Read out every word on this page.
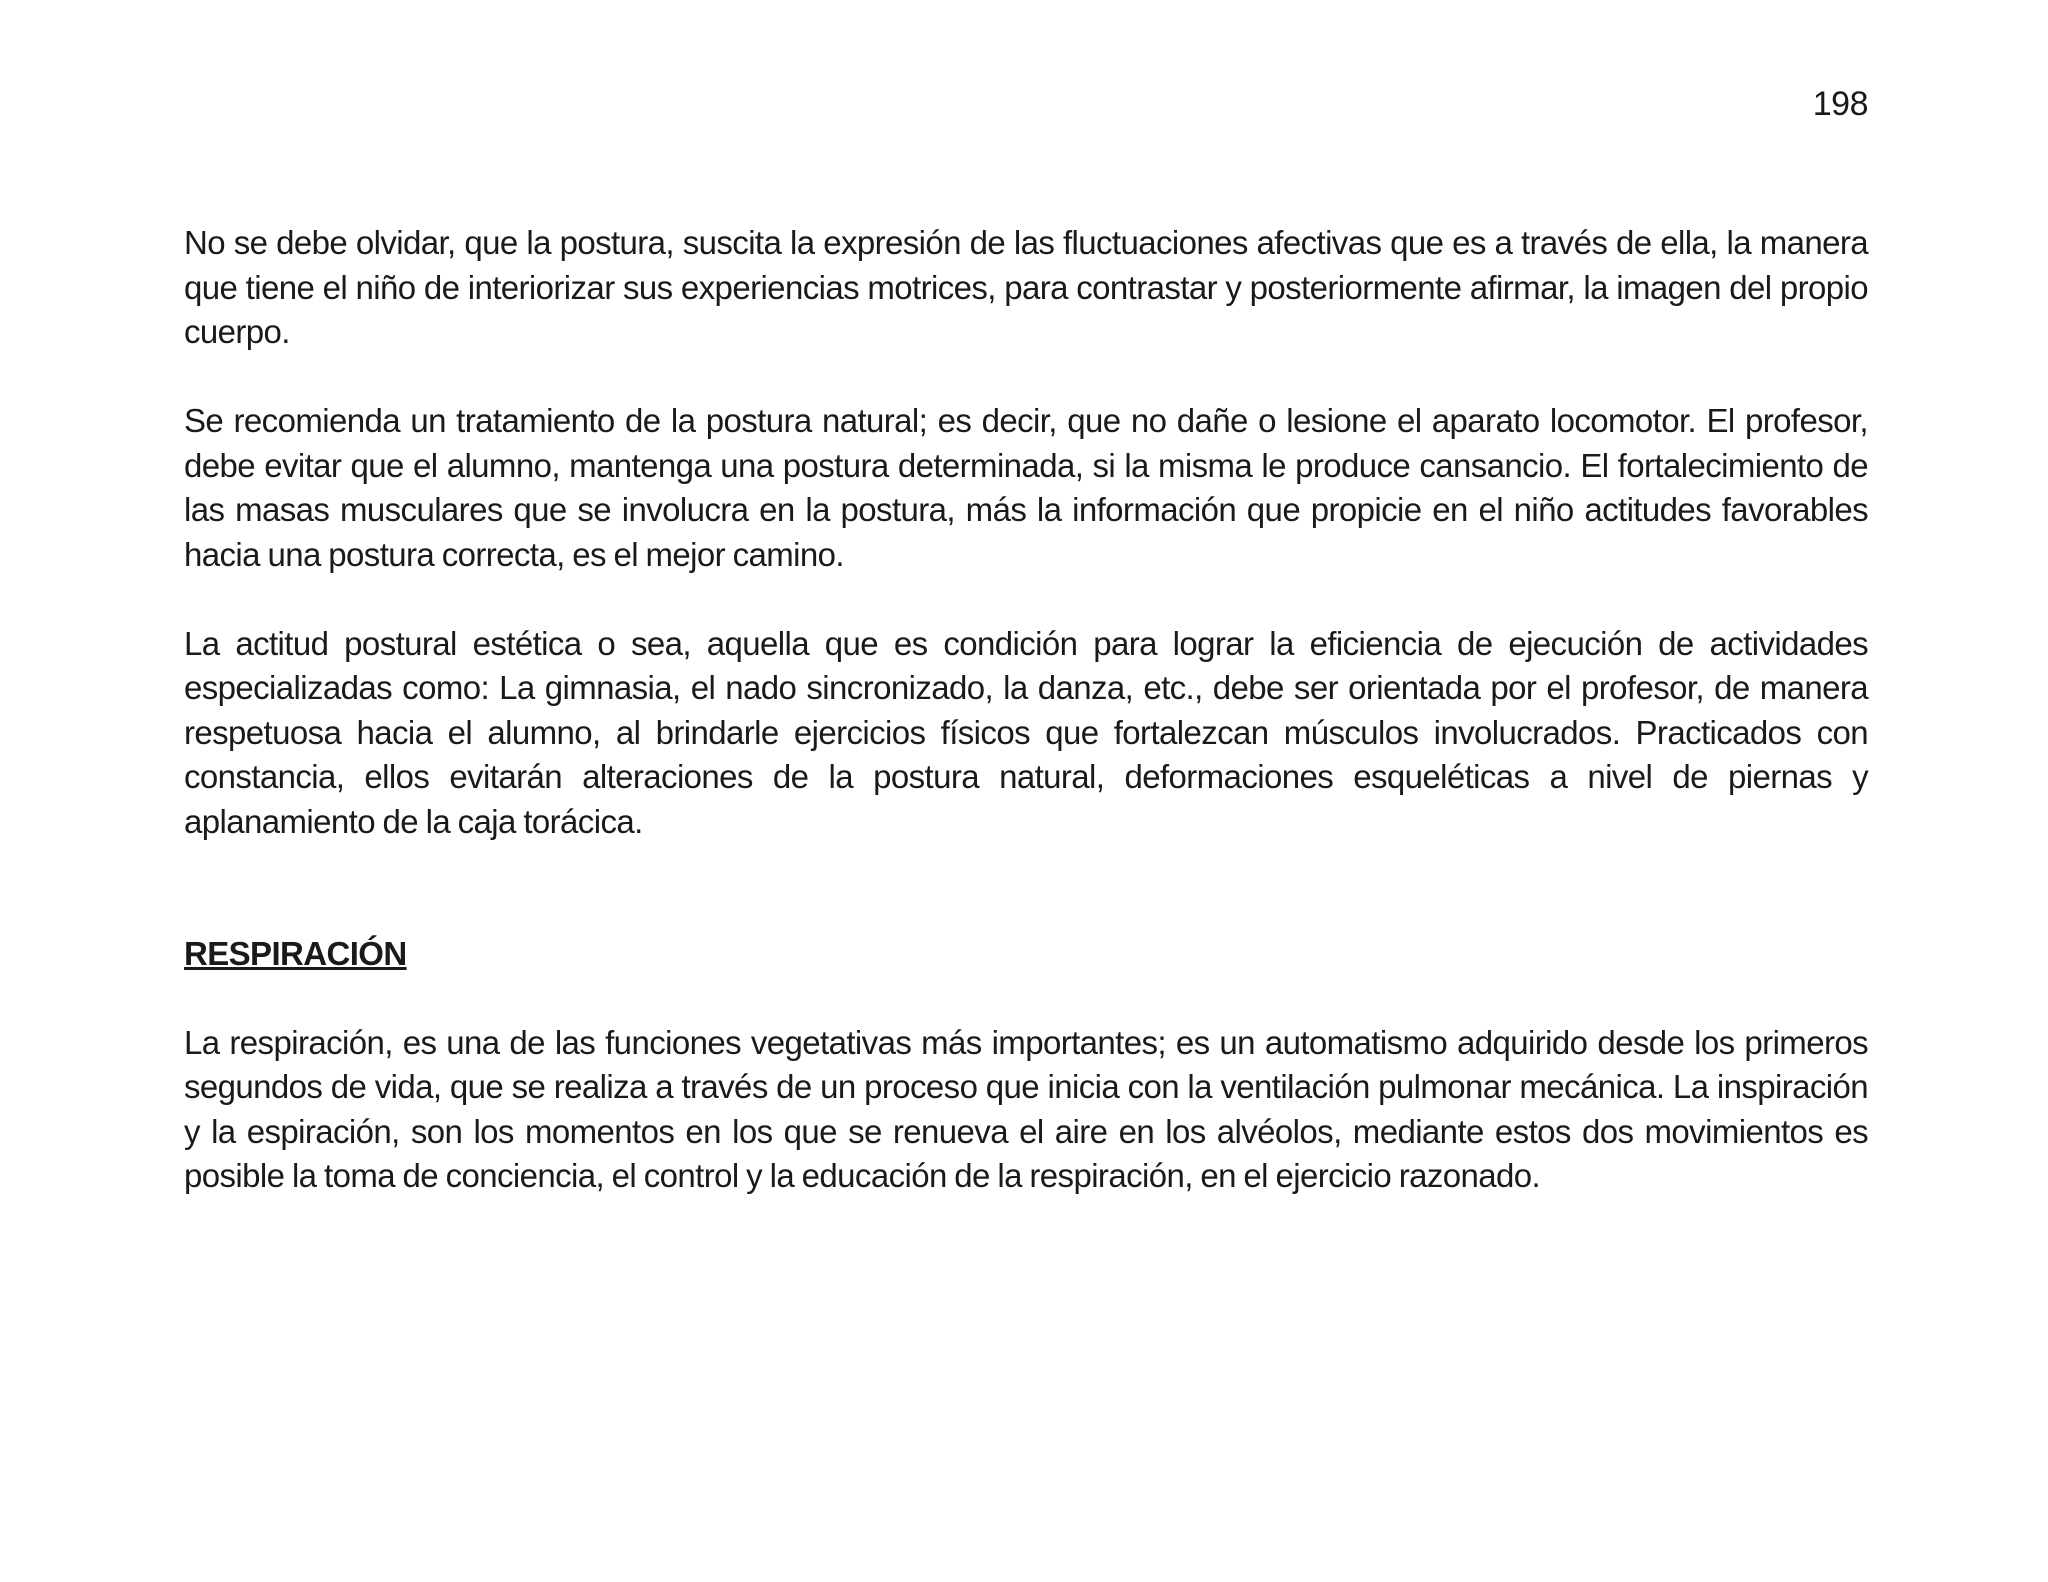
198

No se debe olvidar, que la postura, suscita la expresión de las fluctuaciones afectivas que es a través de ella, la manera que tiene el niño de interiorizar sus experiencias motrices, para contrastar y posteriormente afirmar, la imagen del propio cuerpo.

Se recomienda un tratamiento de la postura natural; es decir, que no dañe o lesione el aparato locomotor. El profesor, debe evitar que el alumno, mantenga una postura determinada, si la misma le produce cansancio. El fortalecimiento de las masas musculares que se involucra en la postura, más la información que propicie en el niño actitudes favorables hacia una postura correcta, es el mejor camino.

La actitud postural estética o sea, aquella que es condición para lograr la eficiencia de ejecución de actividades especializadas como: La gimnasia, el nado sincronizado, la danza, etc., debe ser orientada por el profesor, de manera respetuosa hacia el alumno, al brindarle ejercicios físicos que fortalezcan músculos involucrados. Practicados con constancia, ellos evitarán alteraciones de la postura natural, deformaciones esqueléticas a nivel de piernas y aplanamiento de la caja torácica.

RESPIRACIÓN

La respiración, es una de las funciones vegetativas más importantes; es un automatismo adquirido desde los primeros segundos de vida, que se realiza a través de un proceso que inicia con la ventilación pulmonar mecánica. La inspiración y la espiración, son los momentos en los que se renueva el aire en los alvéolos, mediante estos dos movimientos es posible la toma de conciencia, el control y la educación de la respiración, en el ejercicio razonado.
